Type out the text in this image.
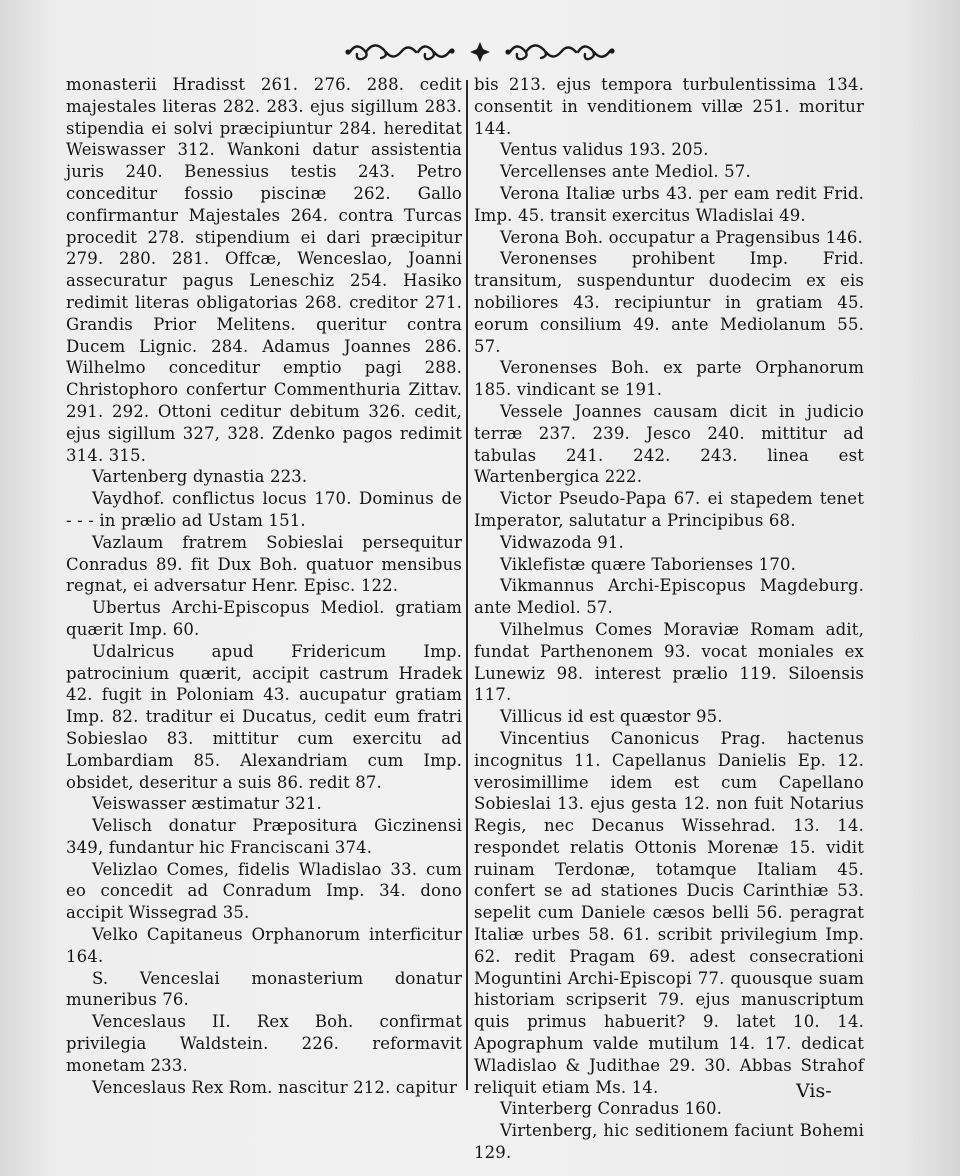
monasterii Hradisst 261. 276. 288. cedit majestales literas 282. 283. ejus sigillum 283. stipendia ei solvi præcipiuntur 284. hereditat Weiswasser 312. Wankoni datur assistentia juris 240. Benessius testis 243. Petro conceditur fossio piscinæ 262. Gallo confirmantur Majestales 264. contra Turcas procedit 278. stipendium ei dari præcipitur 279. 280. 281. Offcæ, Wenceslao, Joanni assecuratur pagus Leneschiz 254. Hasiko redimit literas obligatorias 268. creditor 271. Grandis Prior Melitens. queritur contra Ducem Lignic. 284. Adamus Joannes 286. Wilhelmo conceditur emptio pagi 288. Christophoro confertur Commenthuria Zittav. 291. 292. Ottoni ceditur debitum 326. cedit, ejus sigillum 327, 328. Zdenko pagos redimit 314. 315.

Vartenberg dynastia 223.

Vaydhof. conflictus locus 170. Dominus de - - - in prælio ad Ustam 151.

Vazlaum fratrem Sobieslai persequitur Conradus 89. fit Dux Boh. quatuor mensibus regnat, ei adversatur Henr. Episc. 122.

Ubertus Archi-Episcopus Mediol. gratiam quærit Imp. 60.

Udalricus apud Fridericum Imp. patrocinium quærit, accipit castrum Hradek 42. fugit in Poloniam 43. aucupatur gratiam Imp. 82. traditur ei Ducatus, cedit eum fratri Sobieslao 83. mittitur cum exercitu ad Lombardiam 85. Alexandriam cum Imp. obsidet, deseritur a suis 86. redit 87.

Veiswasser æstimatur 321.

Velisch donatur Præpositura Giczinensi 349, fundantur hic Franciscani 374.

Velizlao Comes, fidelis Wladislao 33. cum eo concedit ad Conradum Imp. 34. dono accipit Wissegrad 35.

Velko Capitaneus Orphanorum interficitur 164.

S. Venceslai monasterium donatur muneribus 76.

Venceslaus II. Rex Boh. confirmat privilegia Waldstein. 226. reformavit monetam 233.

Venceslaus Rex Rom. nascitur 212. capitur

bis 213. ejus tempora turbulentissima 134. consentit in venditionem villæ 251. moritur 144.

Ventus validus 193. 205.

Vercellenses ante Mediol. 57.

Verona Italiæ urbs 43. per eam redit Frid. Imp. 45. transit exercitus Wladislai 49.

Verona Boh. occupatur a Pragensibus 146.

Veronenses prohibent Imp. Frid. transitum, suspenduntur duodecim ex eis nobiliores 43. recipiuntur in gratiam 45. eorum consilium 49. ante Mediolanum 55. 57.

Veronenses Boh. ex parte Orphanorum 185. vindicant se 191.

Vessele Joannes causam dicit in judicio terræ 237. 239. Jesco 240. mittitur ad tabulas 241. 242. 243. linea est Wartenbergica 222.

Victor Pseudo-Papa 67. ei stapedem tenet Imperator, salutatur a Principibus 68.

Vidwazoda 91.

Viklefistæ quære Taborienses 170.

Vikmannus Archi-Episcopus Magdeburg. ante Mediol. 57.

Vilhelmus Comes Moraviæ Romam adit, fundat Parthenonem 93. vocat moniales ex Lunewiz 98. interest prælio 119. Siloensis 117.

Villicus id est quæstor 95.

Vincentius Canonicus Prag. hactenus incognitus 11. Capellanus Danielis Ep. 12. verosimillime idem est cum Capellano Sobieslai 13. ejus gesta 12. non fuit Notarius Regis, nec Decanus Wissehrad. 13. 14. respondet relatis Ottonis Morenæ 15. vidit ruinam Terdonæ, totamque Italiam 45. confert se ad stationes Ducis Carinthiæ 53. sepelit cum Daniele cæsos belli 56. peragrat Italiæ urbes 58. 61. scribit privilegium Imp. 62. redit Pragam 69. adest consecrationi Moguntini Archi-Episcopi 77. quousque suam historiam scripserit 79. ejus manuscriptum quis primus habuerit? 9. latet 10. 14. Apographum valde mutilum 14. 17. dedicat Wladislao & Judithae 29. 30. Abbas Strahof reliquit etiam Ms. 14.

Vinterberg Conradus 160.

Virtenberg, hic seditionem faciunt Bohemi 129.

Vis-
